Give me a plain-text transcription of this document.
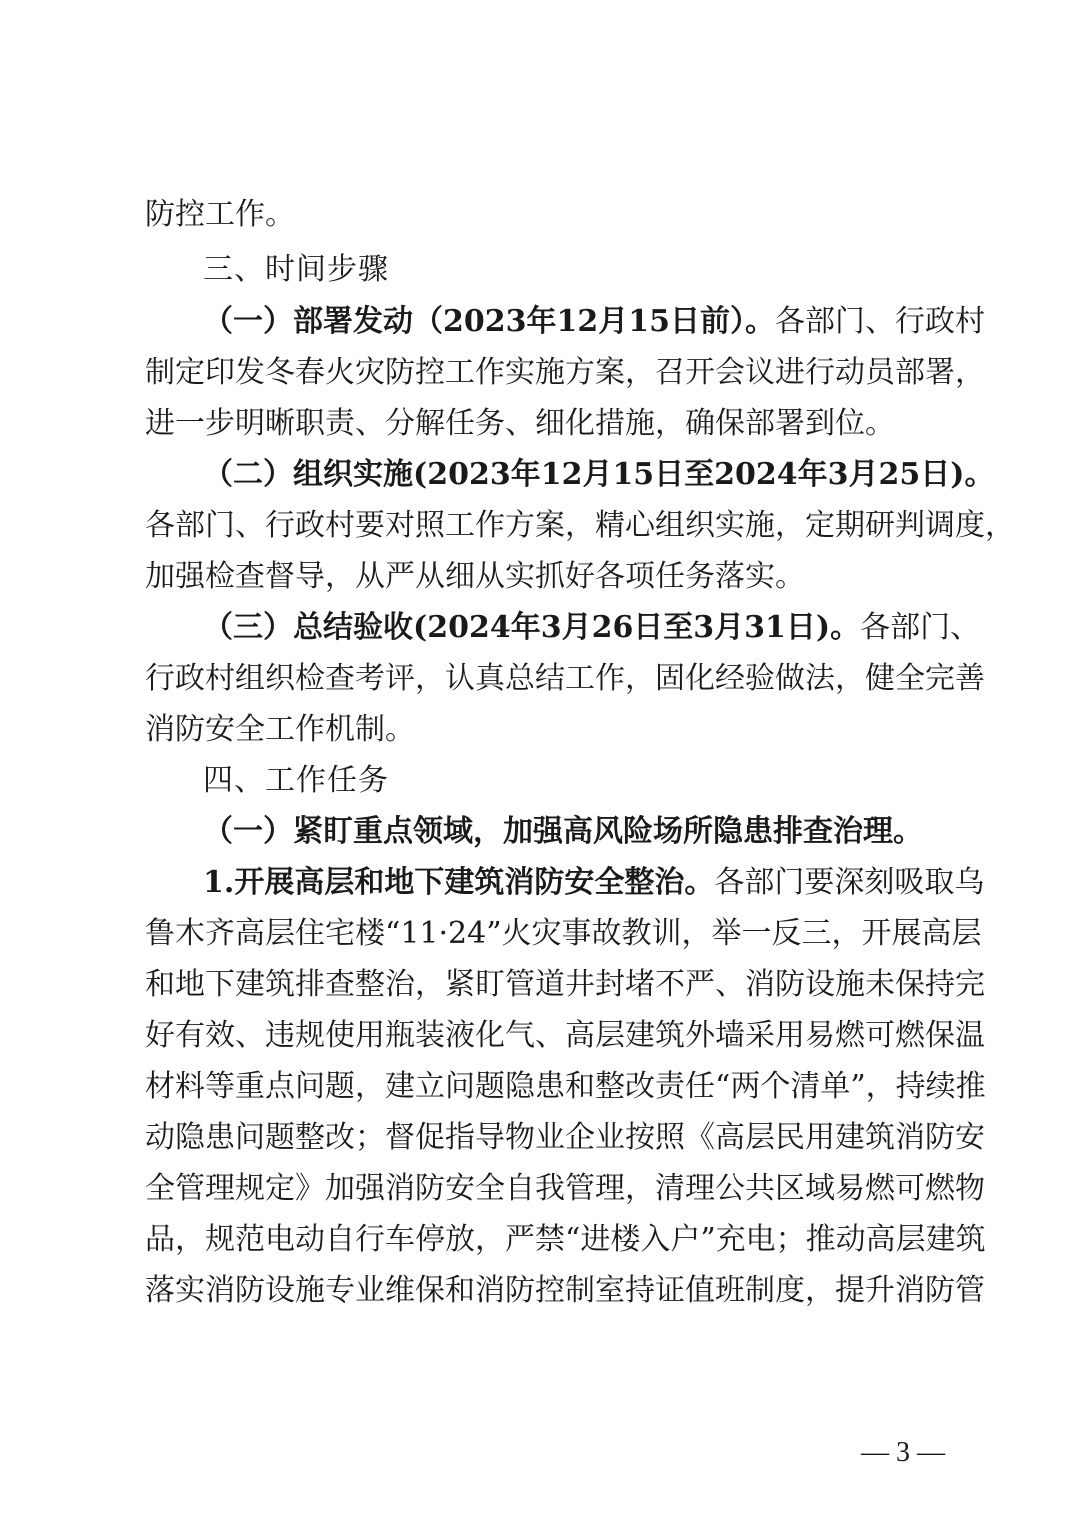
防控工作。
三、时间步骤
（一）部署发动（2023年12月15日前）。各部门、行政村
制定印发冬春火灾防控工作实施方案，召开会议进行动员部署，
进一步明晰职责、分解任务、细化措施，确保部署到位。
（二）组织实施(2023年12月15日至2024年3月25日)。
各部门、行政村要对照工作方案，精心组织实施，定期研判调度，
加强检查督导，从严从细从实抓好各项任务落实。
（三）总结验收(2024年3月26日至3月31日)。各部门、
行政村组织检查考评，认真总结工作，固化经验做法，健全完善
消防安全工作机制。
四、工作任务
（一）紧盯重点领域，加强高风险场所隐患排查治理。
1.开展高层和地下建筑消防安全整治。各部门要深刻吸取乌
鲁木齐高层住宅楼“11·24”火灾事故教训，举一反三，开展高层
和地下建筑排查整治，紧盯管道井封堵不严、消防设施未保持完
好有效、违规使用瓶装液化气、高层建筑外墙采用易燃可燃保温
材料等重点问题，建立问题隐患和整改责任“两个清单”，持续推
动隐患问题整改；督促指导物业企业按照《高层民用建筑消防安
全管理规定》加强消防安全自我管理，清理公共区域易燃可燃物
品，规范电动自行车停放，严禁“进楼入户”充电；推动高层建筑
落实消防设施专业维保和消防控制室持证值班制度，提升消防管
— 3 —
